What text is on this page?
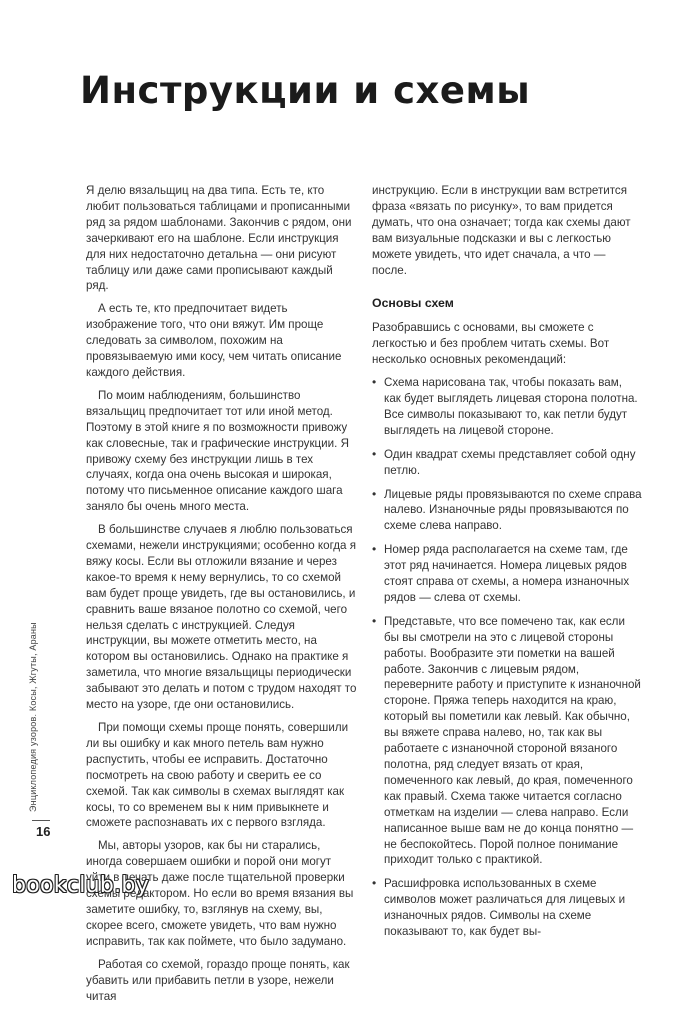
Инструкции и схемы

Я делю вязальщиц на два типа. Есть те, кто любит пользоваться таблицами и прописанными ряд за рядом шаблонами. Закончив с рядом, они зачеркивают его на шаблоне. Если инструкция для них недостаточно детальна — они рисуют таблицу или даже сами прописывают каждый ряд.

А есть те, кто предпочитает видеть изображение того, что они вяжут. Им проще следовать за символом, похожим на провязываемую ими косу, чем читать описание каждого действия.

По моим наблюдениям, большинство вязальщиц предпочитает тот или иной метод. Поэтому в этой книге я по возможности привожу как словесные, так и графические инструкции. Я привожу схему без инструкции лишь в тех случаях, когда она очень высокая и широкая, потому что письменное описание каждого шага заняло бы очень много места.

В большинстве случаев я люблю пользоваться схемами, нежели инструкциями; особенно когда я вяжу косы. Если вы отложили вязание и через какое-то время к нему вернулись, то со схемой вам будет проще увидеть, где вы остановились, и сравнить ваше вязаное полотно со схемой, чего нельзя сделать с инструкцией. Следуя инструкции, вы можете отметить место, на котором вы остановились. Однако на практике я заметила, что многие вязальщицы периодически забывают это делать и потом с трудом находят то место на узоре, где они остановились.

При помощи схемы проще понять, совершили ли вы ошибку и как много петель вам нужно распустить, чтобы ее исправить. Достаточно посмотреть на свою работу и сверить ее со схемой. Так как символы в схемах выглядят как косы, то со временем вы к ним привыкнете и сможете распознавать их с первого взгляда.

Мы, авторы узоров, как бы ни старались, иногда совершаем ошибки и порой они могут уйти в печать даже после тщательной проверки схемы редактором. Но если во время вязания вы заметите ошибку, то, взглянув на схему, вы, скорее всего, сможете увидеть, что вам нужно исправить, так как поймете, что было задумано.

Работая со схемой, гораздо проще понять, как убавить или прибавить петли в узоре, нежели читая

инструкцию. Если в инструкции вам встретится фраза «вязать по рисунку», то вам придется думать, что она означает; тогда как схемы дают вам визуальные подсказки и вы с легкостью можете увидеть, что идет сначала, а что — после.

Основы схем

Разобравшись с основами, вы сможете с легкостью и без проблем читать схемы. Вот несколько основных рекомендаций:

• Схема нарисована так, чтобы показать вам, как будет выглядеть лицевая сторона полотна. Все символы показывают то, как петли будут выглядеть на лицевой стороне.
• Один квадрат схемы представляет собой одну петлю.
• Лицевые ряды провязываются по схеме справа налево. Изнаночные ряды провязываются по схеме слева направо.
• Номер ряда располагается на схеме там, где этот ряд начинается. Номера лицевых рядов стоят справа от схемы, а номера изнаночных рядов — слева от схемы.
• Представьте, что все помечено так, как если бы вы смотрели на это с лицевой стороны работы. Вообразите эти пометки на вашей работе. Закончив с лицевым рядом, переверните работу и приступите к изнаночной стороне. Пряжа теперь находится на краю, который вы пометили как левый. Как обычно, вы вяжете справа налево, но, так как вы работаете с изнаночной стороной вязаного полотна, ряд следует вязать от края, помеченного как левый, до края, помеченного как правый. Схема также читается согласно отметкам на изделии — слева направо. Если написанное выше вам не до конца понятно — не беспокойтесь. Порой полное понимание приходит только с практикой.
• Расшифровка использованных в схеме символов может различаться для лицевых и изнаночных рядов. Символы на схеме показывают то, как будет вы-
Энциклопедия узоров. Косы, Жгуты, Араны
16
bookclub.by
